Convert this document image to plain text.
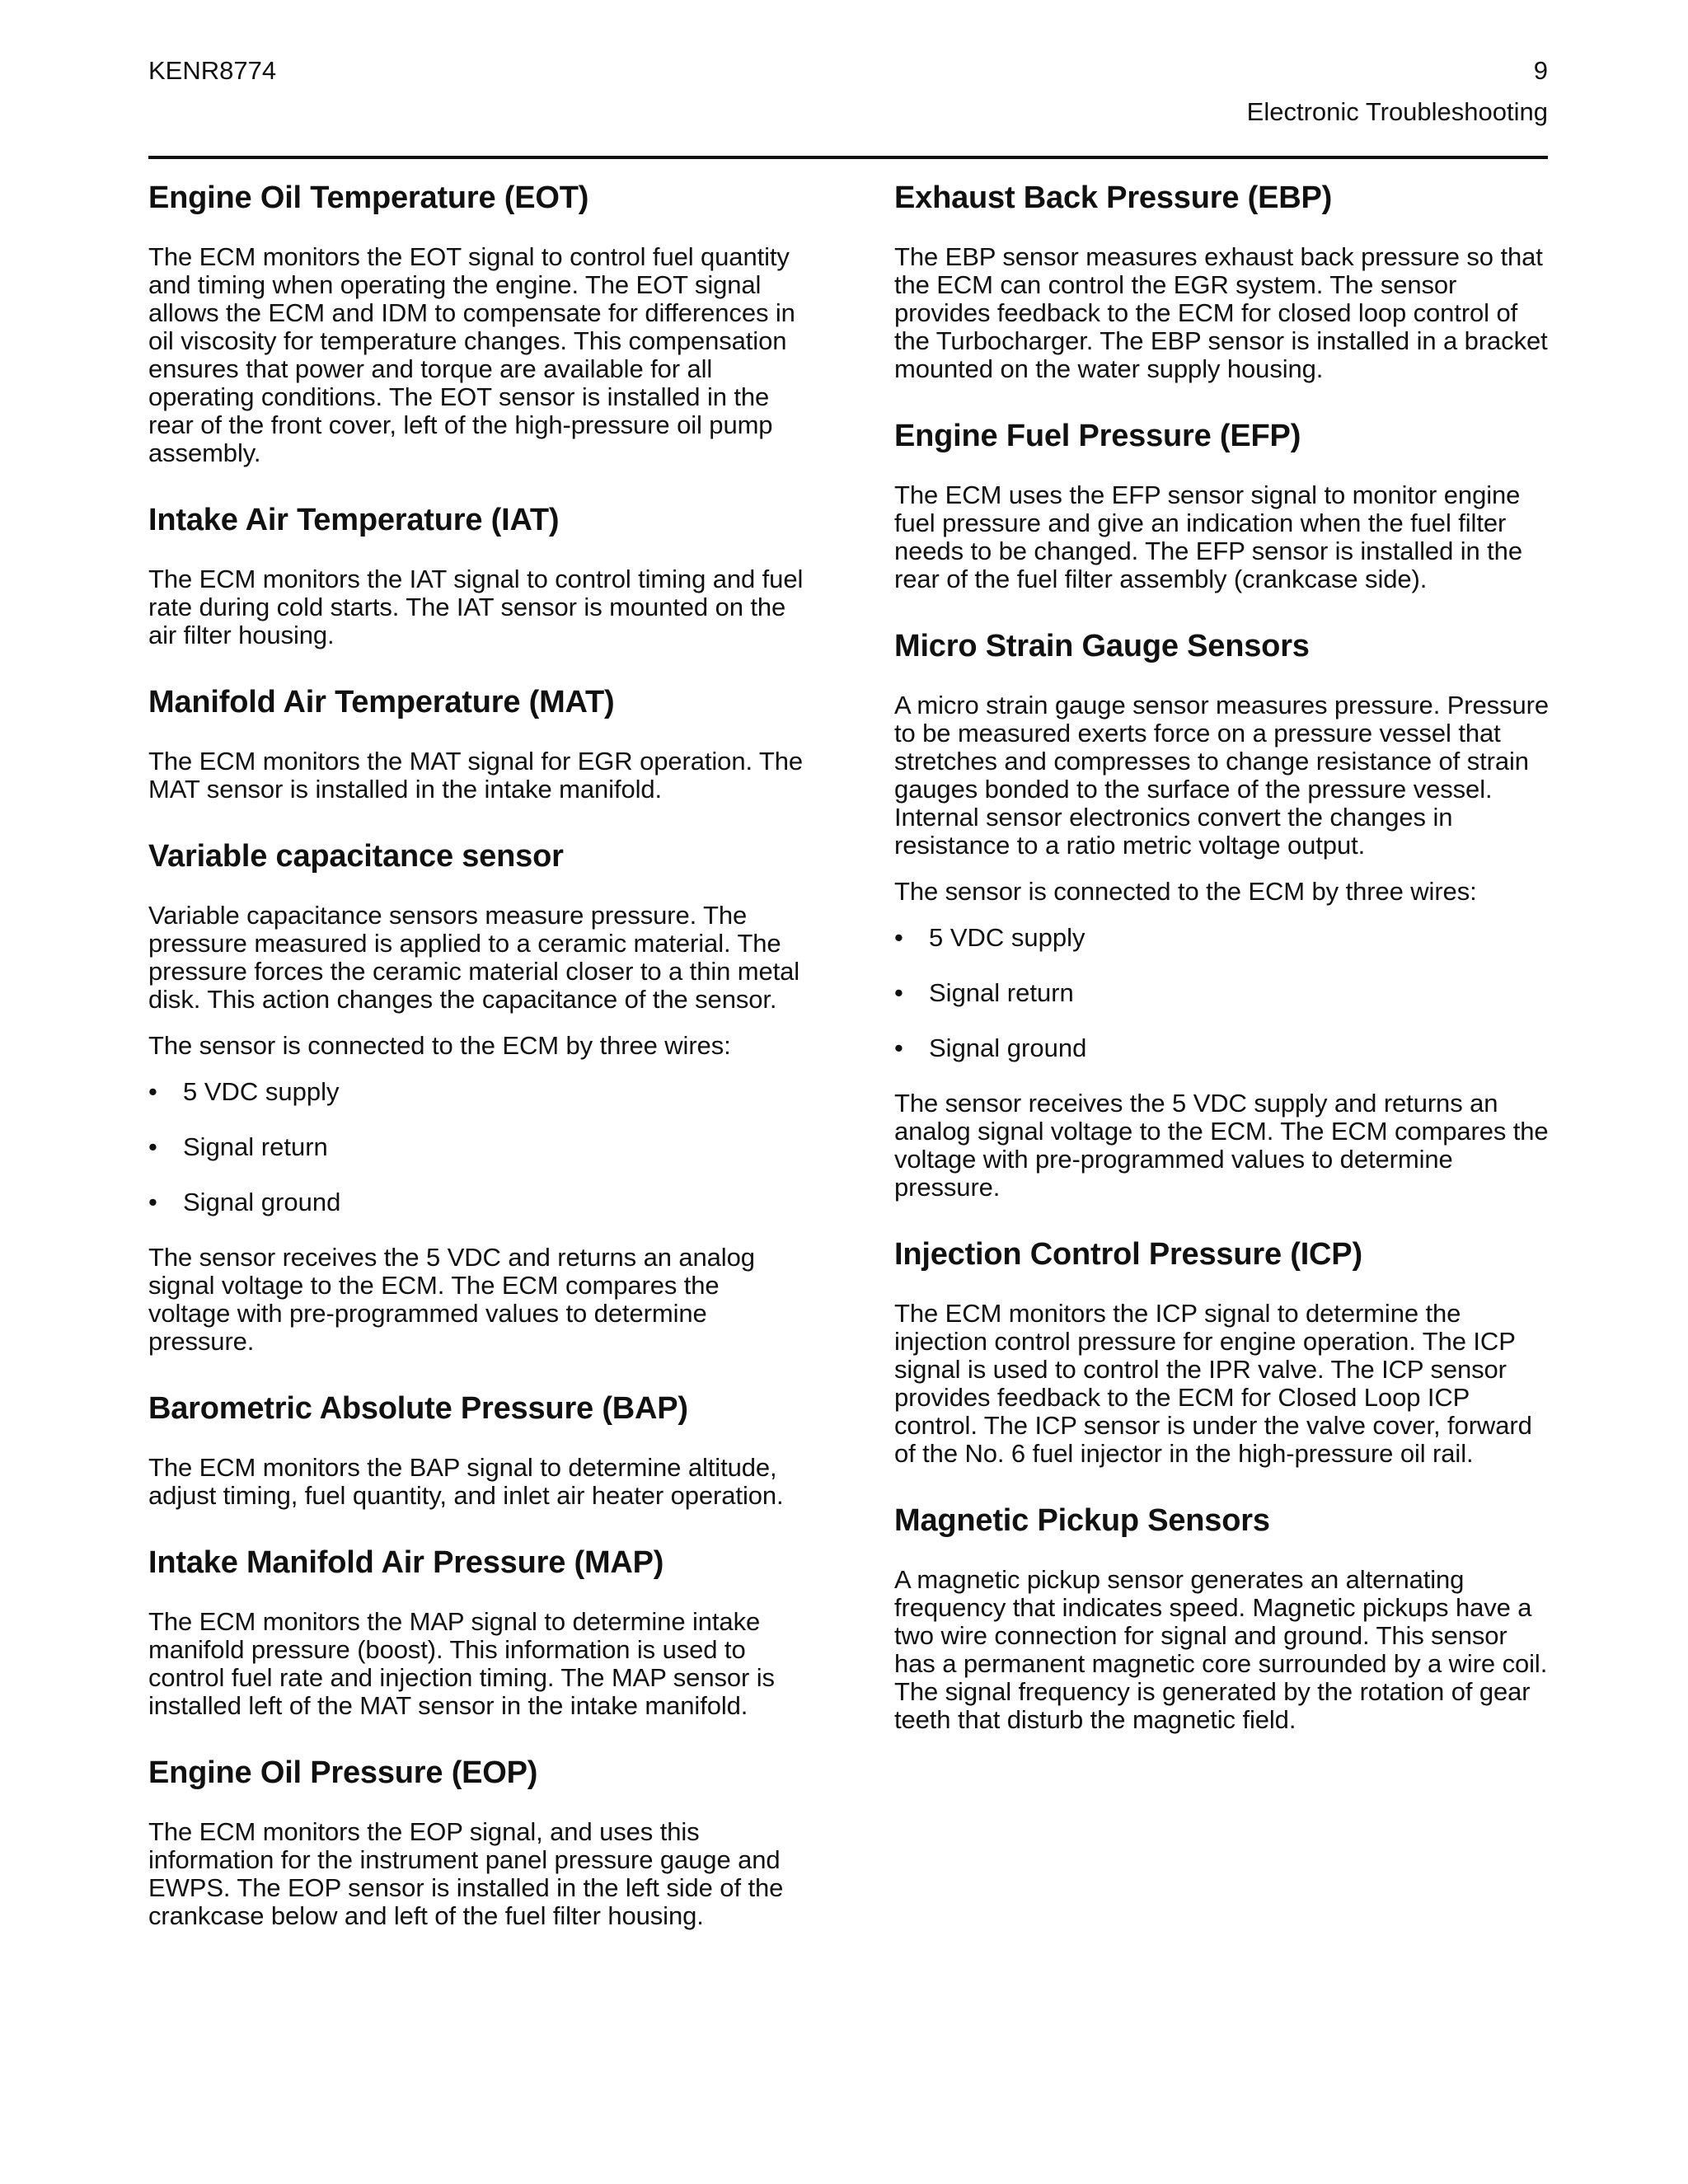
KENR8774	9
Electronic Troubleshooting
Engine Oil Temperature (EOT)

The ECM monitors the EOT signal to control fuel quantity and timing when operating the engine. The EOT signal allows the ECM and IDM to compensate for differences in oil viscosity for temperature changes. This compensation ensures that power and torque are available for all operating conditions. The EOT sensor is installed in the rear of the front cover, left of the high-pressure oil pump assembly.

Intake Air Temperature (IAT)

The ECM monitors the IAT signal to control timing and fuel rate during cold starts. The IAT sensor is mounted on the air filter housing.

Manifold Air Temperature (MAT)

The ECM monitors the MAT signal for EGR operation. The MAT sensor is installed in the intake manifold.

Variable capacitance sensor

Variable capacitance sensors measure pressure. The pressure measured is applied to a ceramic material. The pressure forces the ceramic material closer to a thin metal disk. This action changes the capacitance of the sensor.

The sensor is connected to the ECM by three wires:

• 5 VDC supply
• Signal return
• Signal ground

The sensor receives the 5 VDC and returns an analog signal voltage to the ECM. The ECM compares the voltage with pre-programmed values to determine pressure.

Barometric Absolute Pressure (BAP)

The ECM monitors the BAP signal to determine altitude, adjust timing, fuel quantity, and inlet air heater operation.

Intake Manifold Air Pressure (MAP)

The ECM monitors the MAP signal to determine intake manifold pressure (boost). This information is used to control fuel rate and injection timing. The MAP sensor is installed left of the MAT sensor in the intake manifold.

Engine Oil Pressure (EOP)

The ECM monitors the EOP signal, and uses this information for the instrument panel pressure gauge and EWPS. The EOP sensor is installed in the left side of the crankcase below and left of the fuel filter housing.

Exhaust Back Pressure (EBP)

The EBP sensor measures exhaust back pressure so that the ECM can control the EGR system. The sensor provides feedback to the ECM for closed loop control of the Turbocharger. The EBP sensor is installed in a bracket mounted on the water supply housing.

Engine Fuel Pressure (EFP)

The ECM uses the EFP sensor signal to monitor engine fuel pressure and give an indication when the fuel filter needs to be changed. The EFP sensor is installed in the rear of the fuel filter assembly (crankcase side).

Micro Strain Gauge Sensors

A micro strain gauge sensor measures pressure. Pressure to be measured exerts force on a pressure vessel that stretches and compresses to change resistance of strain gauges bonded to the surface of the pressure vessel. Internal sensor electronics convert the changes in resistance to a ratio metric voltage output.

The sensor is connected to the ECM by three wires:

• 5 VDC supply
• Signal return
• Signal ground

The sensor receives the 5 VDC supply and returns an analog signal voltage to the ECM. The ECM compares the voltage with pre-programmed values to determine pressure.

Injection Control Pressure (ICP)

The ECM monitors the ICP signal to determine the injection control pressure for engine operation. The ICP signal is used to control the IPR valve. The ICP sensor provides feedback to the ECM for Closed Loop ICP control. The ICP sensor is under the valve cover, forward of the No. 6 fuel injector in the high-pressure oil rail.

Magnetic Pickup Sensors

A magnetic pickup sensor generates an alternating frequency that indicates speed. Magnetic pickups have a two wire connection for signal and ground. This sensor has a permanent magnetic core surrounded by a wire coil. The signal frequency is generated by the rotation of gear teeth that disturb the magnetic field.
